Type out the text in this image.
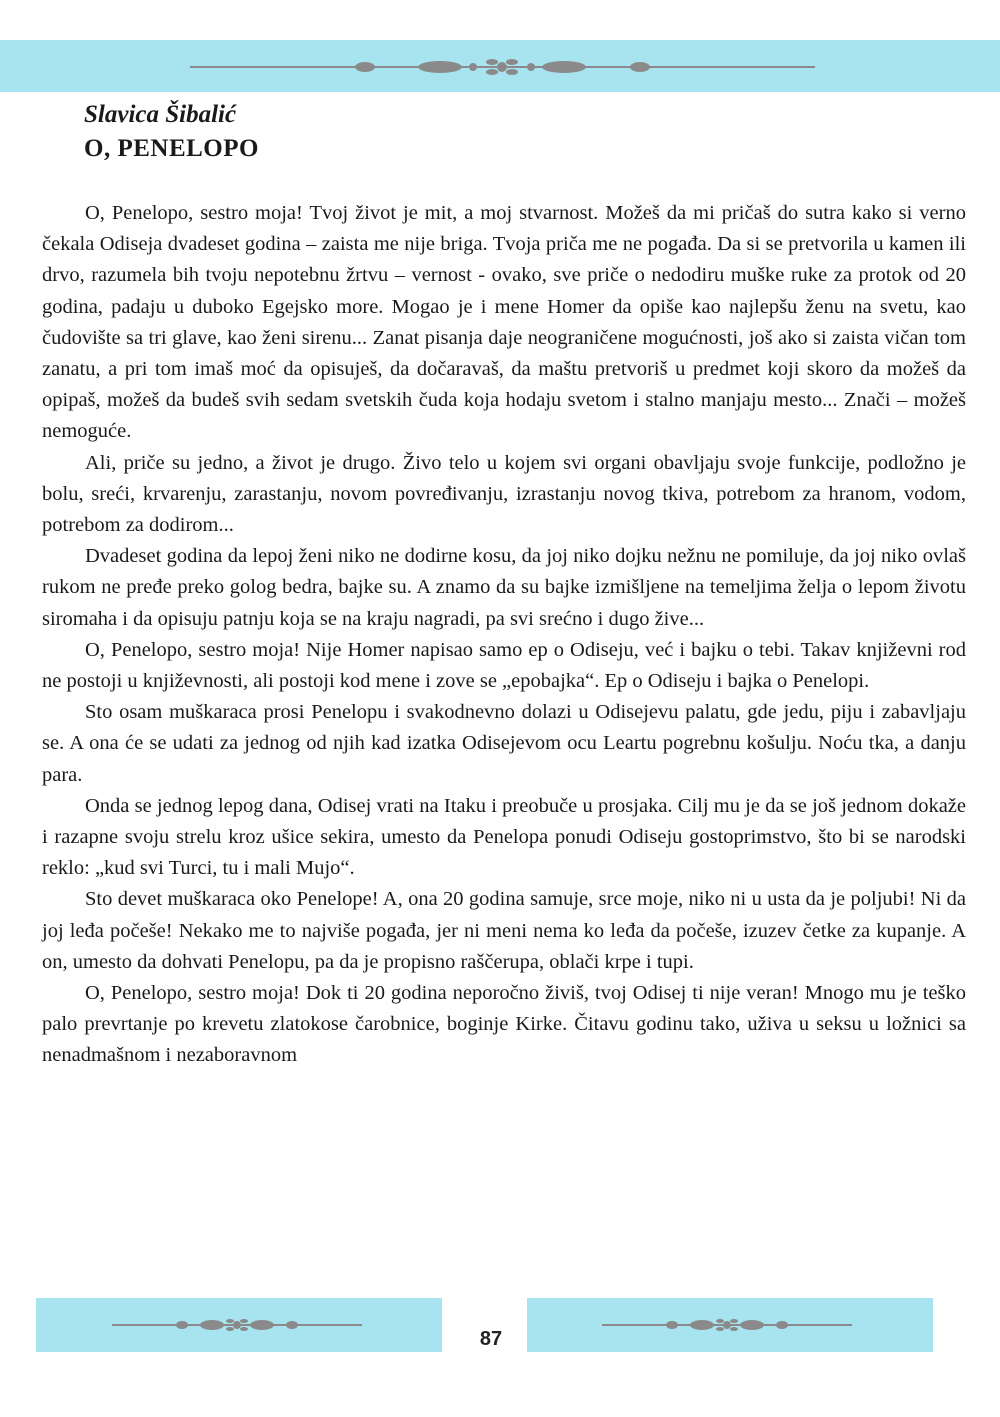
Slavica Šibalić
O, PENELOPO

O, Penelopo, sestro moja! Tvoj život je mit, a moj stvarnost. Možeš da mi pričaš do sutra kako si verno čekala Odiseja dvadeset godina – zaista me nije briga. Tvoja priča me ne pogađa. Da si se pretvorila u kamen ili drvo, razumela bih tvoju nepotebnu žrtvu – vernost - ovako, sve priče o nedodiru muške ruke za protok od 20 godina, padaju u duboko Egejsko more. Mogao je i mene Homer da opiše kao najlepšu ženu na svetu, kao čudovište sa tri glave, kao ženi sirenu... Zanat pisanja daje neograničene mogućnosti, još ako si zaista vičan tom zanatu, a pri tom imaš moć da opisuješ, da dočaravaš, da maštu pretvoriš u predmet koji skoro da možeš da opipaš, možeš da budeš svih sedam svetskih čuda koja hodaju svetom i stalno manjaju mesto... Znači – možeš nemoguće.

Ali, priče su jedno, a život je drugo. Živo telo u kojem svi organi obavljaju svoje funkcije, podložno je bolu, sreći, krvarenju, zarastanju, novom povređivanju, izrastanju novog tkiva, potrebom za hranom, vodom, potrebom za dodirom...

Dvadeset godina da lepoj ženi niko ne dodirne kosu, da joj niko dojku nežnu ne pomiluje, da joj niko ovlaš rukom ne pređe preko golog bedra, bajke su. A znamo da su bajke izmišljene na temeljima želja o lepom životu siromaha i da opisuju patnju koja se na kraju nagradi, pa svi srećno i dugo žive...

O, Penelopo, sestro moja! Nije Homer napisao samo ep o Odiseju, već i bajku o tebi. Takav književni rod ne postoji u književnosti, ali postoji kod mene i zove se „epobajka“. Ep o Odiseju i bajka o Penelopi.

Sto osam muškaraca prosi Penelopu i svakodnevno dolazi u Odisejevu palatu, gde jedu, piju i zabavljaju se. A ona će se udati za jednog od njih kad izatka Odisejevom ocu Leartu pogrebnu košulju. Noću tka, a danju para.

Onda se jednog lepog dana, Odisej vrati na Itaku i preobuče u prosjaka. Cilj mu je da se još jednom dokaže i razapne svoju strelu kroz ušice sekira, umesto da Penelopa ponudi Odiseju gostoprimstvo, što bi se narodski reklo: „kud svi Turci, tu i mali Mujo“.

Sto devet muškaraca oko Penelope! A, ona 20 godina samuje, srce moje, niko ni u usta da je poljubi! Ni da joj leđa počeše! Nekako me to najviše pogađa, jer ni meni nema ko leđa da počeše, izuzev četke za kupanje. A on, umesto da dohvati Penelopu, pa da je propisno raščerupa, oblači krpe i tupi.

O, Penelopo, sestro moja! Dok ti 20 godina neporočno živiš, tvoj Odisej ti nije veran! Mnogo mu je teško palo prevrtanje po krevetu zlatokose čarobnice, boginje Kirke. Čitavu godinu tako, uživa u seksu u ložnici sa nenadmašnom i nezaboravnom

87
